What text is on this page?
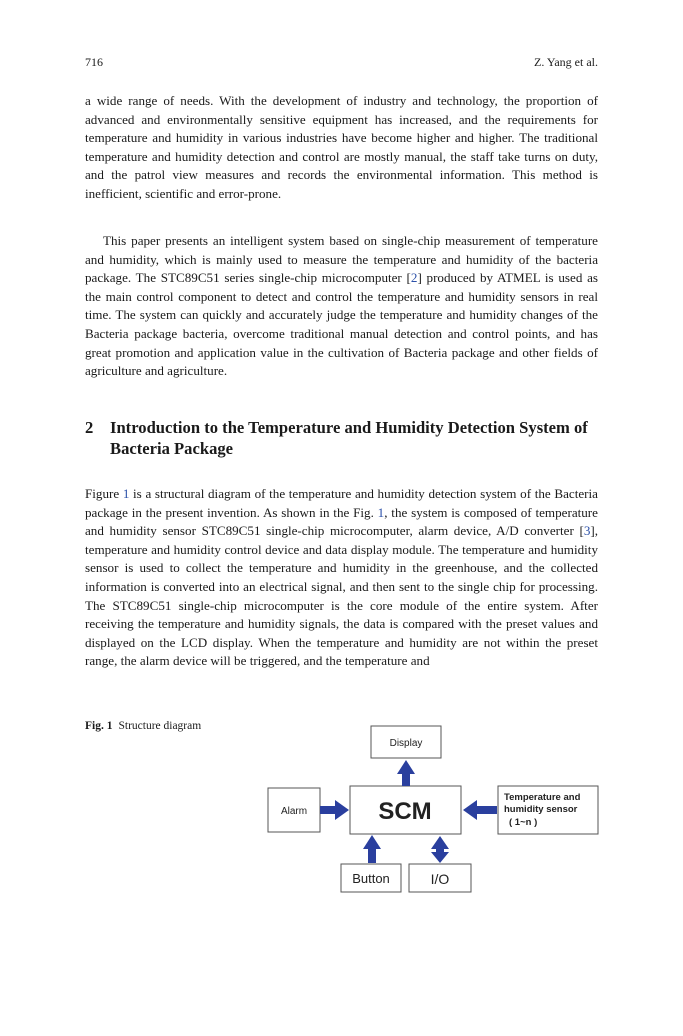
716	Z. Yang et al.

a wide range of needs. With the development of industry and technology, the proportion of advanced and environmentally sensitive equipment has increased, and the requirements for temperature and humidity in various industries have become higher and higher. The traditional temperature and humidity detection and control are mostly manual, the staff take turns on duty, and the patrol view measures and records the environmental information. This method is inefficient, scientific and error-prone.

This paper presents an intelligent system based on single-chip measurement of temperature and humidity, which is mainly used to measure the temperature and humidity of the bacteria package. The STC89C51 series single-chip microcomputer [2] produced by ATMEL is used as the main control component to detect and control the temperature and humidity sensors in real time. The system can quickly and accurately judge the temperature and humidity changes of the Bacteria package bacteria, overcome traditional manual detection and control points, and has great promotion and application value in the cultivation of Bacteria package and other fields of agriculture and agriculture.

2 Introduction to the Temperature and Humidity Detection System of Bacteria Package

Figure 1 is a structural diagram of the temperature and humidity detection system of the Bacteria package in the present invention. As shown in the Fig. 1, the system is composed of temperature and humidity sensor STC89C51 single-chip microcomputer, alarm device, A/D converter [3], temperature and humidity control device and data display module. The temperature and humidity sensor is used to collect the temperature and humidity in the greenhouse, and the collected information is converted into an electrical signal, and then sent to the single chip for processing. The STC89C51 single-chip microcomputer is the core module of the entire system. After receiving the temperature and humidity signals, the data is compared with the preset values and displayed on the LCD display. When the temperature and humidity are not within the preset range, the alarm device will be triggered, and the temperature and

Fig. 1 Structure diagram
Display
Alarm	SCM
Temperature and
humidity sensor
( 1~n )
Button	I/O
